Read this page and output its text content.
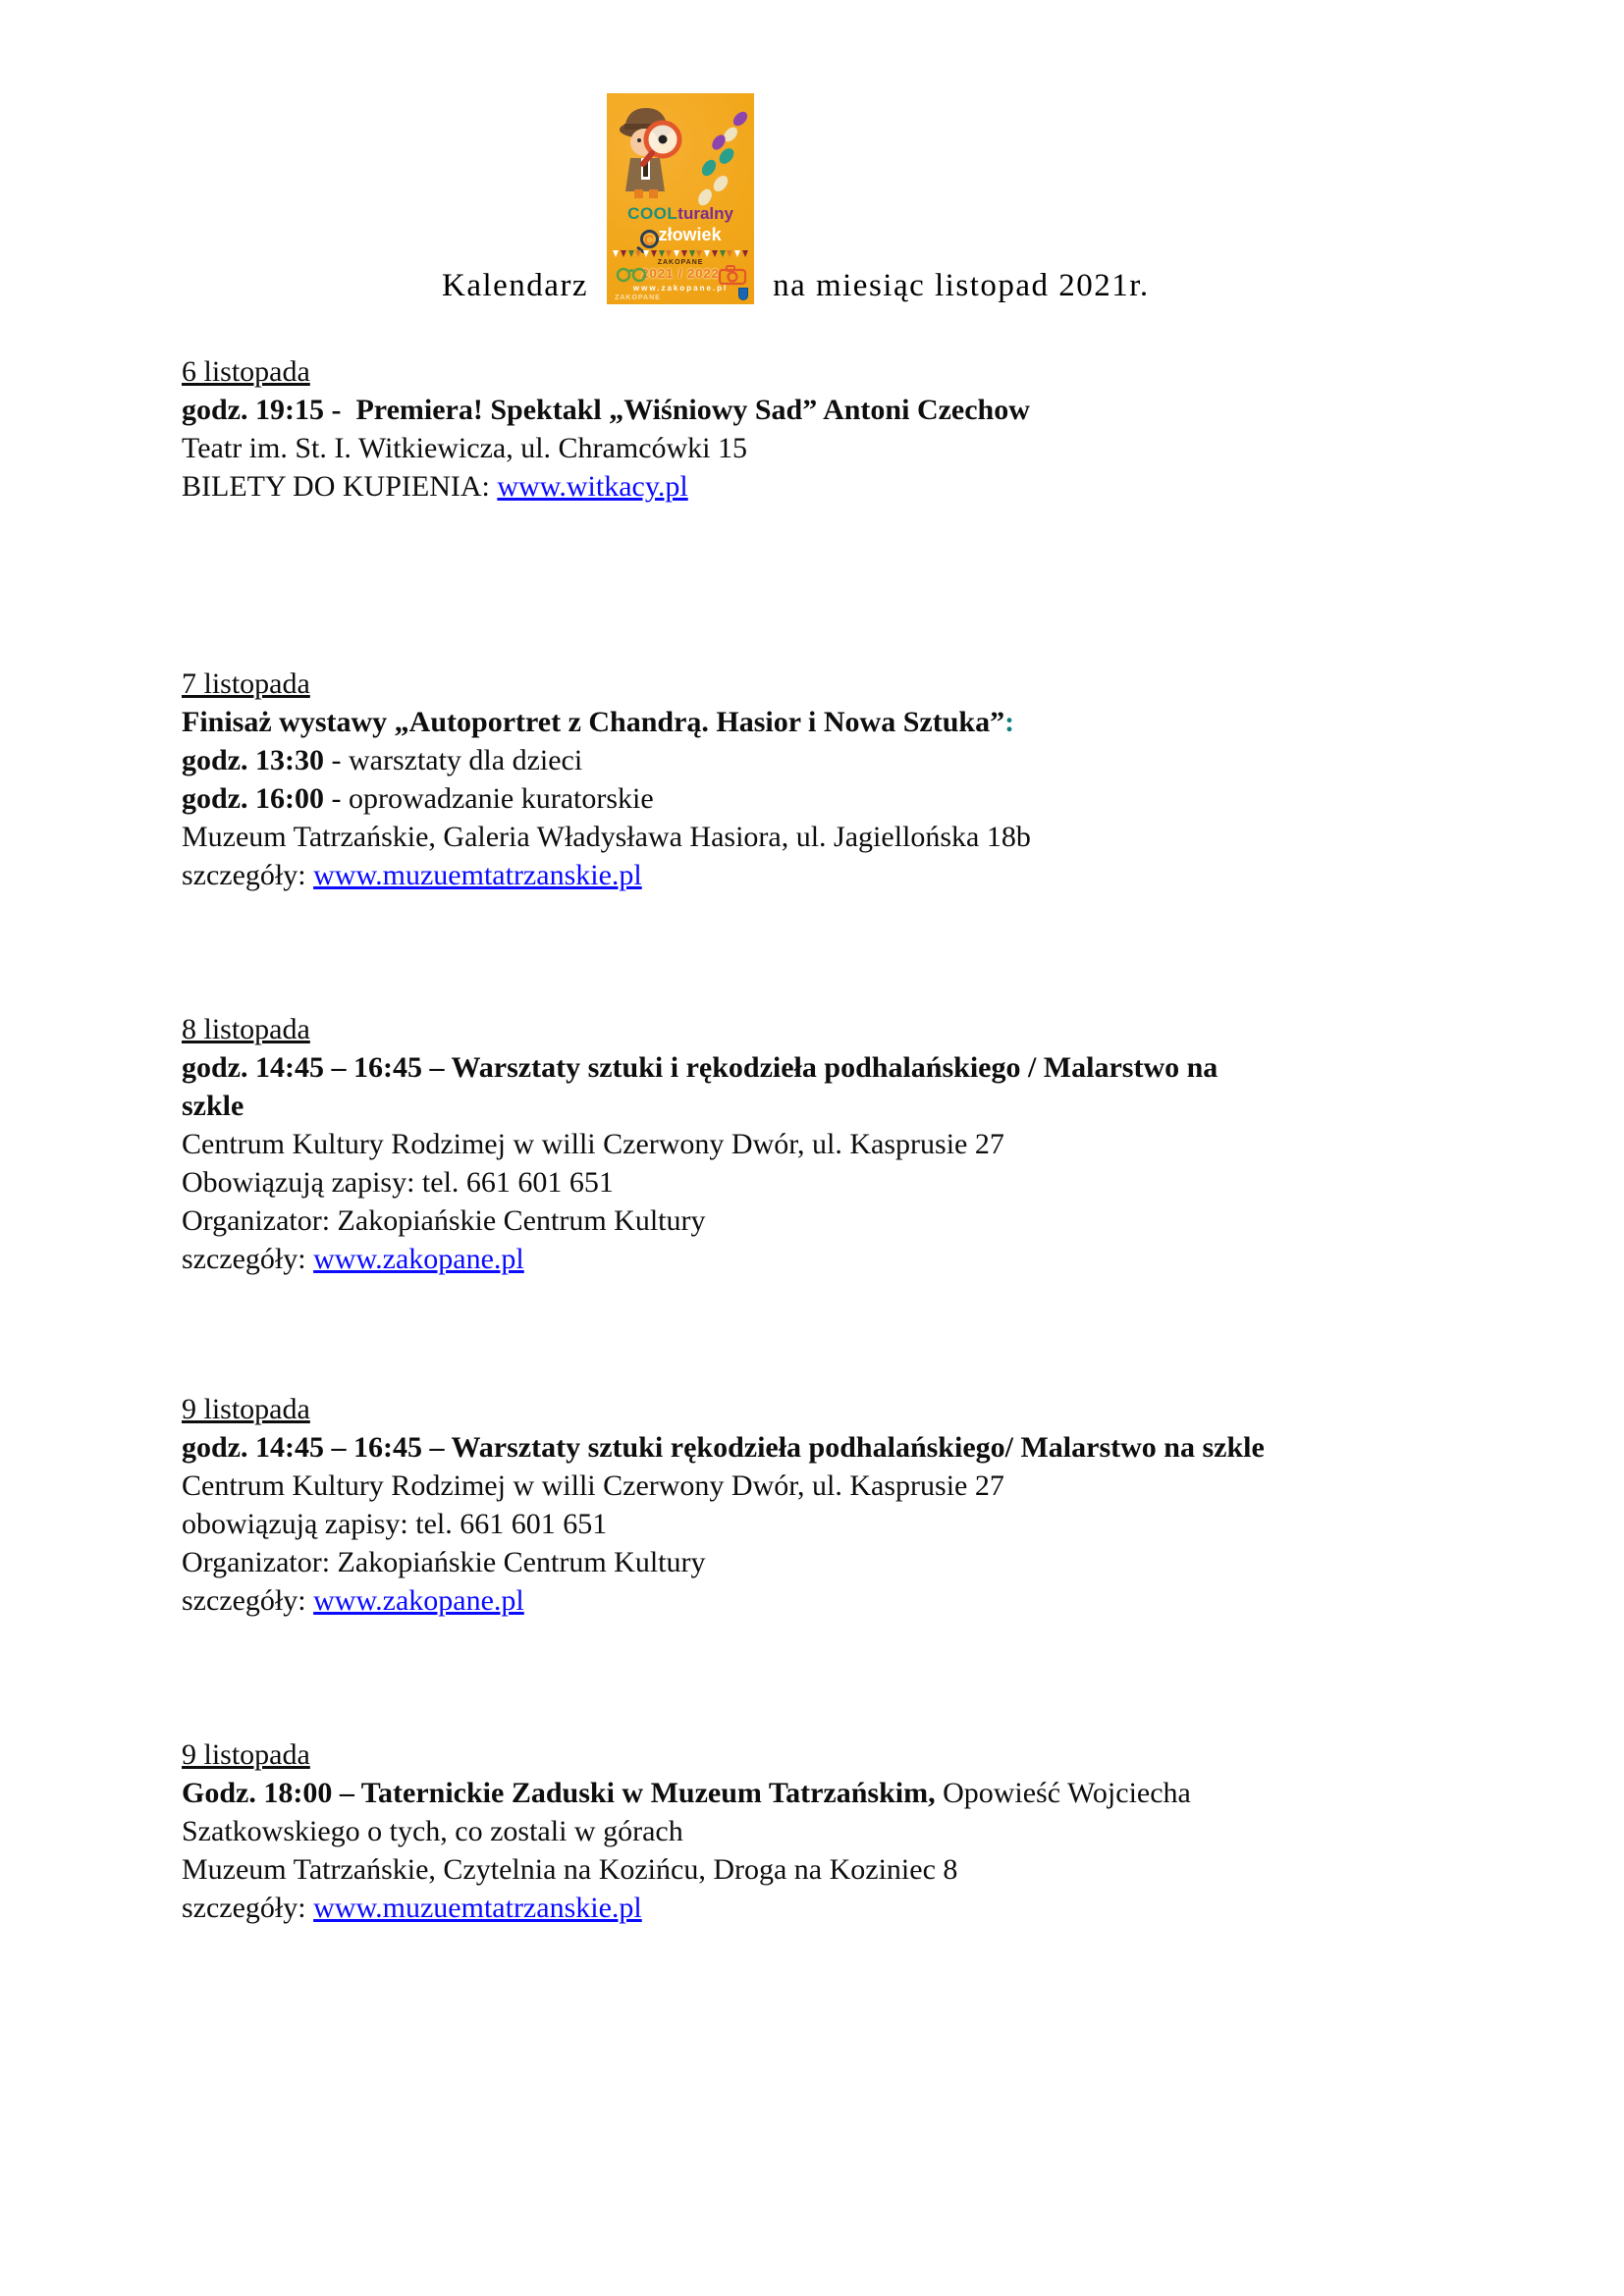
Kalendarz
COOLturalny
C złowiek
ZAKOPANE
2021 / 2022
www.zakopane.pl
ZAKOPANE	na miesiąc listopad 2021r.
6 listopada
godz. 19:15 -  Premiera! Spektakl „Wiśniowy Sad” Antoni Czechow
Teatr im. St. I. Witkiewicza, ul. Chramcówki 15
BILETY DO KUPIENIA: www.witkacy.pl
7 listopada
Finisaż wystawy „Autoportret z Chandrą. Hasior i Nowa Sztuka”:
godz. 13:30 - warsztaty dla dzieci
godz. 16:00 - oprowadzanie kuratorskie
Muzeum Tatrzańskie, Galeria Władysława Hasiora, ul. Jagiellońska 18b
szczegóły: www.muzuemtatrzanskie.pl
8 listopada
godz. 14:45 – 16:45 – Warsztaty sztuki i rękodzieła podhalańskiego / Malarstwo na
szkle
Centrum Kultury Rodzimej w willi Czerwony Dwór, ul. Kasprusie 27
Obowiązują zapisy: tel. 661 601 651
Organizator: Zakopiańskie Centrum Kultury
szczegóły: www.zakopane.pl
9 listopada
godz. 14:45 – 16:45 – Warsztaty sztuki rękodzieła podhalańskiego/ Malarstwo na szkle
Centrum Kultury Rodzimej w willi Czerwony Dwór, ul. Kasprusie 27
obowiązują zapisy: tel. 661 601 651
Organizator: Zakopiańskie Centrum Kultury
szczegóły: www.zakopane.pl
9 listopada
Godz. 18:00 – Taternickie Zaduski w Muzeum Tatrzańskim, Opowieść Wojciecha
Szatkowskiego o tych, co zostali w górach
Muzeum Tatrzańskie, Czytelnia na Kozińcu, Droga na Koziniec 8
szczegóły: www.muzuemtatrzanskie.pl
